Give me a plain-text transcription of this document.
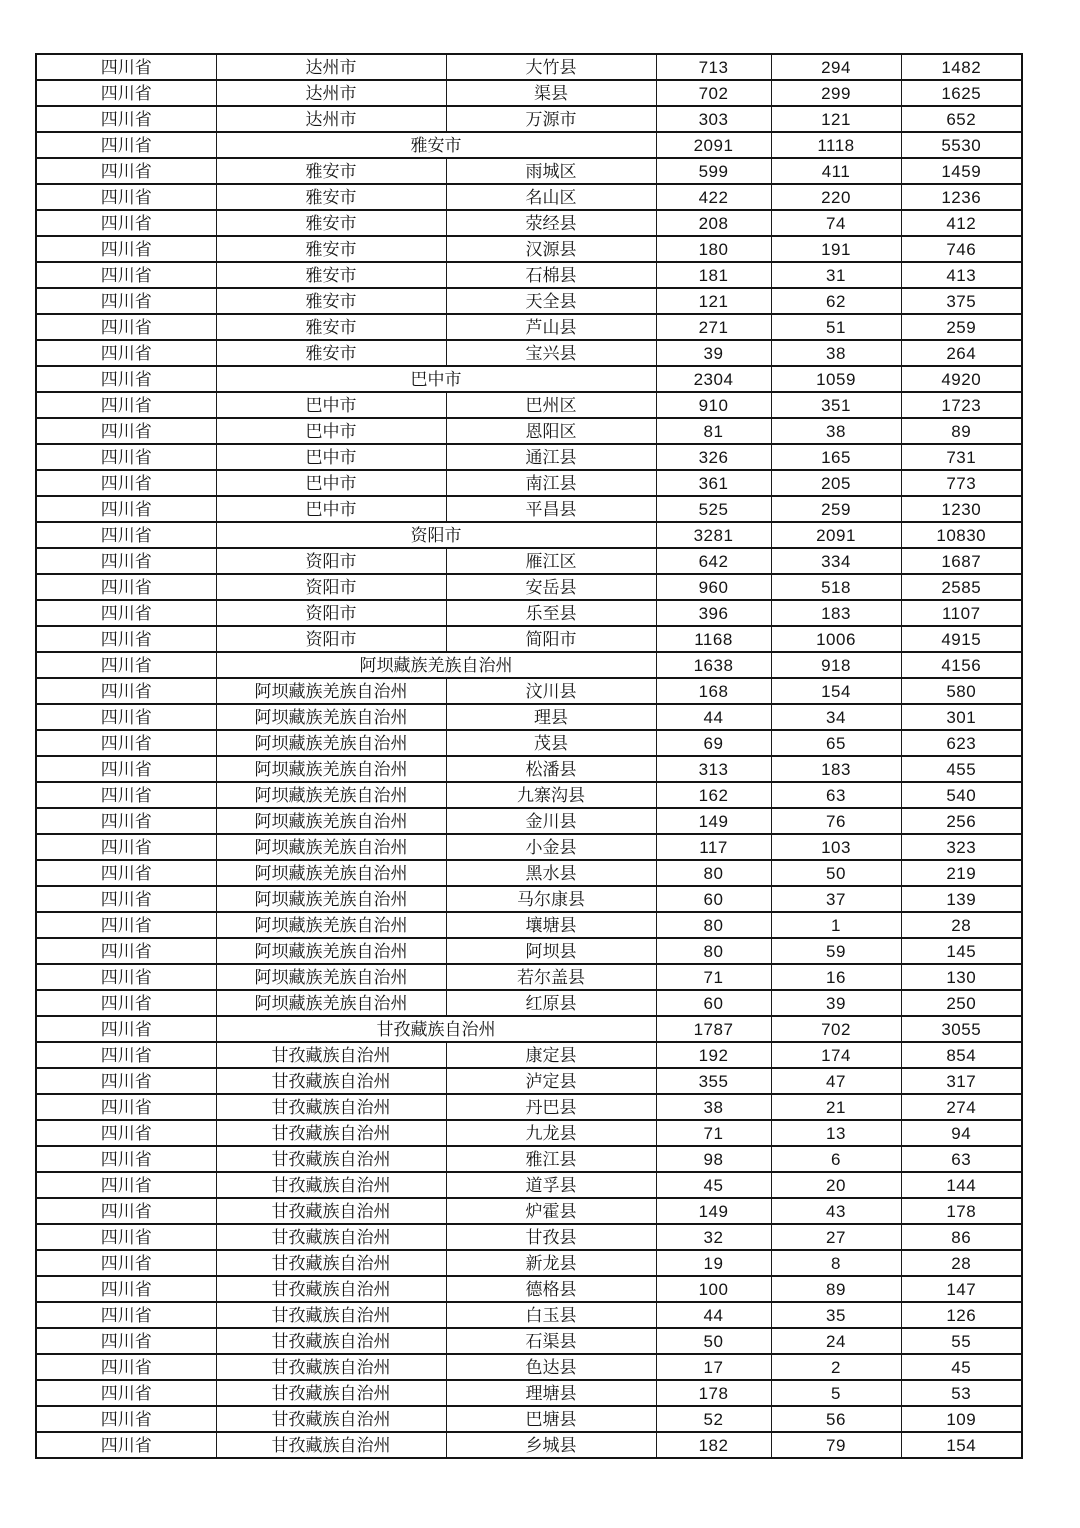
四川省	达州市	大竹县	713	294	1482
四川省	达州市	渠县	702	299	1625
四川省	达州市	万源市	303	121	652
四川省	雅安市		2091	1118	5530
四川省	雅安市	雨城区	599	411	1459
四川省	雅安市	名山区	422	220	1236
四川省	雅安市	荥经县	208	74	412
四川省	雅安市	汉源县	180	191	746
四川省	雅安市	石棉县	181	31	413
四川省	雅安市	天全县	121	62	375
四川省	雅安市	芦山县	271	51	259
四川省	雅安市	宝兴县	39	38	264
四川省	巴中市		2304	1059	4920
四川省	巴中市	巴州区	910	351	1723
四川省	巴中市	恩阳区	81	38	89
四川省	巴中市	通江县	326	165	731
四川省	巴中市	南江县	361	205	773
四川省	巴中市	平昌县	525	259	1230
四川省	资阳市		3281	2091	10830
四川省	资阳市	雁江区	642	334	1687
四川省	资阳市	安岳县	960	518	2585
四川省	资阳市	乐至县	396	183	1107
四川省	资阳市	简阳市	1168	1006	4915
四川省	阿坝藏族羌族自治州		1638	918	4156
四川省	阿坝藏族羌族自治州	汶川县	168	154	580
四川省	阿坝藏族羌族自治州	理县	44	34	301
四川省	阿坝藏族羌族自治州	茂县	69	65	623
四川省	阿坝藏族羌族自治州	松潘县	313	183	455
四川省	阿坝藏族羌族自治州	九寨沟县	162	63	540
四川省	阿坝藏族羌族自治州	金川县	149	76	256
四川省	阿坝藏族羌族自治州	小金县	117	103	323
四川省	阿坝藏族羌族自治州	黑水县	80	50	219
四川省	阿坝藏族羌族自治州	马尔康县	60	37	139
四川省	阿坝藏族羌族自治州	壤塘县	80	1	28
四川省	阿坝藏族羌族自治州	阿坝县	80	59	145
四川省	阿坝藏族羌族自治州	若尔盖县	71	16	130
四川省	阿坝藏族羌族自治州	红原县	60	39	250
四川省	甘孜藏族自治州		1787	702	3055
四川省	甘孜藏族自治州	康定县	192	174	854
四川省	甘孜藏族自治州	泸定县	355	47	317
四川省	甘孜藏族自治州	丹巴县	38	21	274
四川省	甘孜藏族自治州	九龙县	71	13	94
四川省	甘孜藏族自治州	雅江县	98	6	63
四川省	甘孜藏族自治州	道孚县	45	20	144
四川省	甘孜藏族自治州	炉霍县	149	43	178
四川省	甘孜藏族自治州	甘孜县	32	27	86
四川省	甘孜藏族自治州	新龙县	19	8	28
四川省	甘孜藏族自治州	德格县	100	89	147
四川省	甘孜藏族自治州	白玉县	44	35	126
四川省	甘孜藏族自治州	石渠县	50	24	55
四川省	甘孜藏族自治州	色达县	17	2	45
四川省	甘孜藏族自治州	理塘县	178	5	53
四川省	甘孜藏族自治州	巴塘县	52	56	109
四川省	甘孜藏族自治州	乡城县	182	79	154
